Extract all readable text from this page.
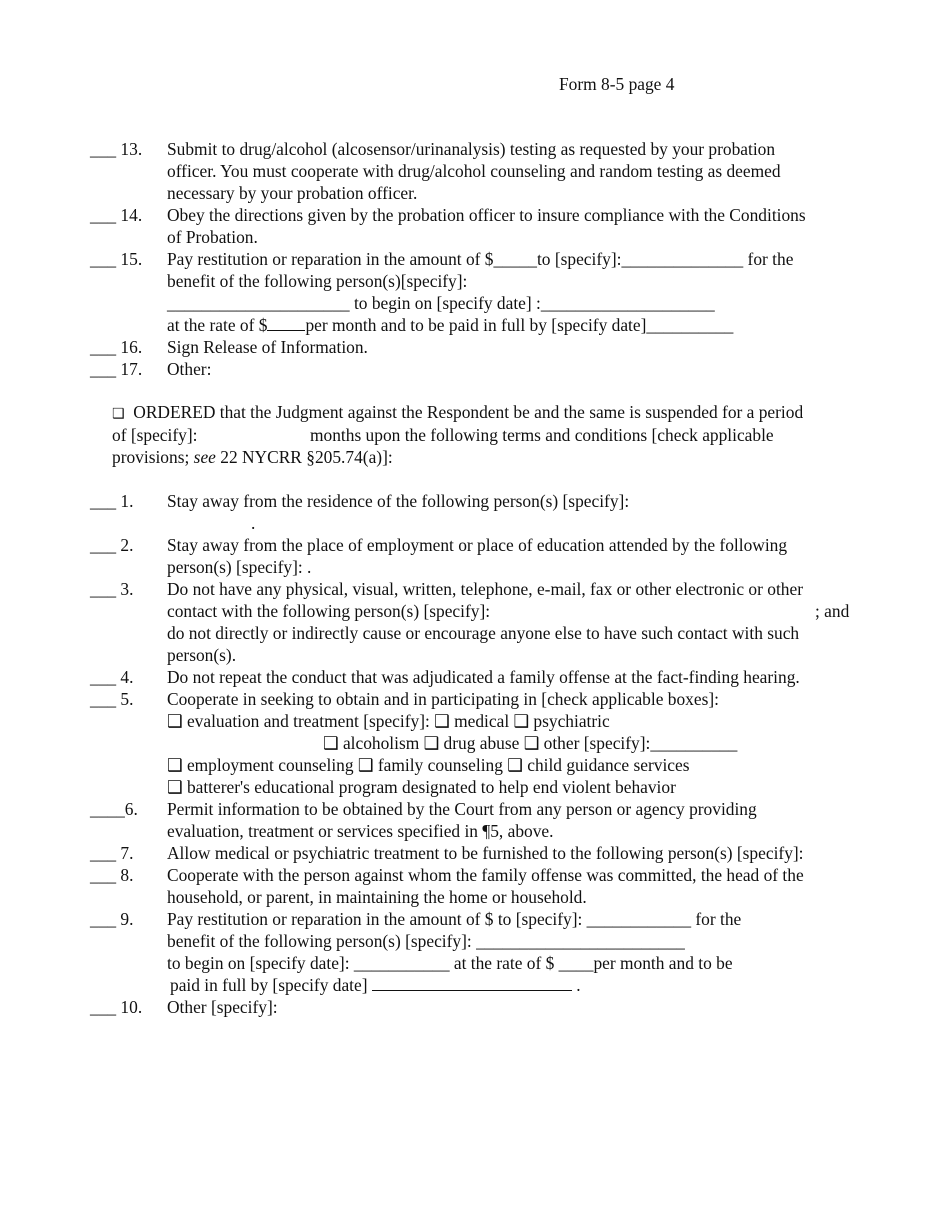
Form 8-5 page 4
___ 13. Submit to drug/alcohol (alcosensor/urinanalysis) testing as requested by your probation
officer. You must cooperate with drug/alcohol counseling and random testing as deemed
necessary by your probation officer.
___ 14. Obey the directions given by the probation officer to insure compliance with the Conditions
of Probation.
___ 15. Pay restitution or reparation in the amount of $_____to [specify]:______________ for the
benefit of the following person(s)[specify]:
_____________________ to begin on [specify date] :____________________
at the rate of $ per month and to be paid in full by [specify date]__________
___ 16. Sign Release of Information.
___ 17. Other:
❑ ORDERED that the Judgment against the Respondent be and the same is suspended for a period
of [specify]:	months upon the following terms and conditions [check applicable
provisions; see 22 NYCRR §205.74(a)]:
___ 1. Stay away from the residence of the following person(s) [specify]:
.
___ 2. Stay away from the place of employment or place of education attended by the following
person(s) [specify]: .
___ 3. Do not have any physical, visual, written, telephone, e-mail, fax or other electronic or other
contact with the following person(s) [specify]:	; and
do not directly or indirectly cause or encourage anyone else to have such contact with such
person(s).
___ 4. Do not repeat the conduct that was adjudicated a family offense at the fact-finding hearing.
___ 5. Cooperate in seeking to obtain and in participating in [check applicable boxes]:
❑ evaluation and treatment [specify]: ❑ medical ❑ psychiatric
❑ alcoholism ❑ drug abuse ❑ other [specify]:__________
❑ employment counseling ❑ family counseling ❑ child guidance services
❑ batterer's educational program designated to help end violent behavior
____6. Permit information to be obtained by the Court from any person or agency providing
evaluation, treatment or services specified in ¶5, above.
___ 7. Allow medical or psychiatric treatment to be furnished to the following person(s) [specify]:
___ 8. Cooperate with the person against whom the family offense was committed, the head of the
household, or parent, in maintaining the home or household.
___ 9. Pay restitution or reparation in the amount of $ to [specify]: ____________ for the
benefit of the following person(s) [specify]: ________________________
to begin on [specify date]: ___________ at the rate of $ ____per month and to be
paid in full by [specify date]	.
___ 10. Other [specify]:
